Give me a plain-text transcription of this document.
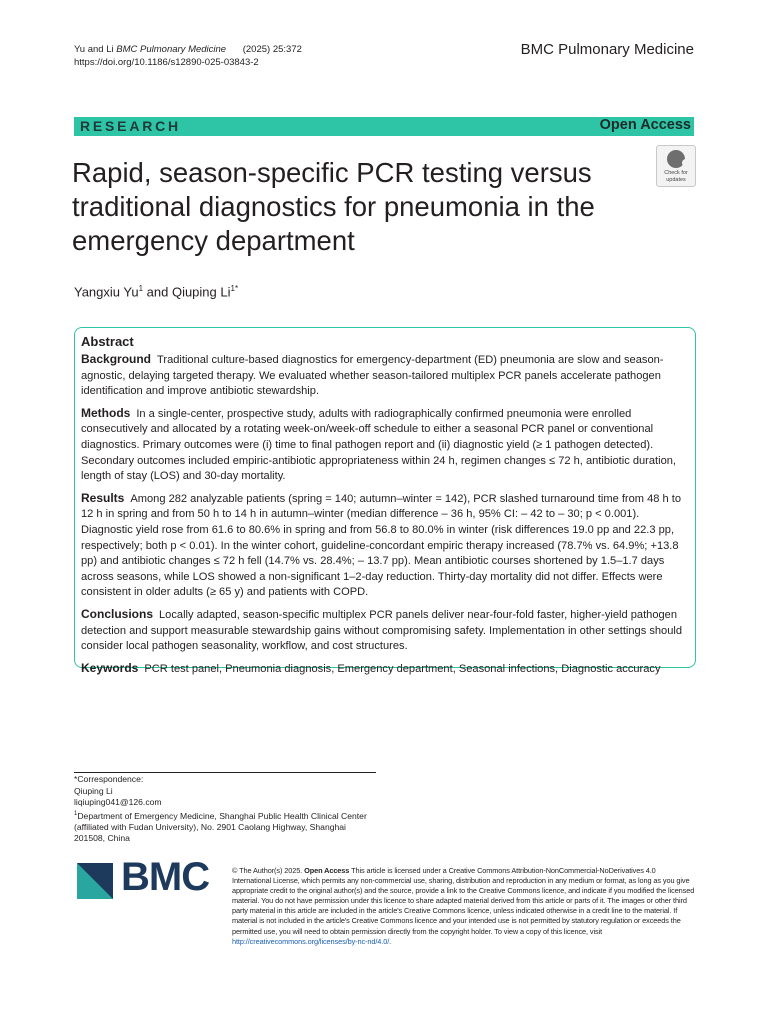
Yu and Li BMC Pulmonary Medicine (2025) 25:372
https://doi.org/10.1186/s12890-025-03843-2
BMC Pulmonary Medicine
RESEARCH	Open Access
Rapid, season-specific PCR testing versus traditional diagnostics for pneumonia in the emergency department
Check for updates
Yangxiu Yu$^1$ and Qiuping $Li^{1*}$
Abstract

Background Traditional culture-based diagnostics for emergency-department (ED) pneumonia are slow and season-agnostic, delaying targeted therapy. We evaluated whether season-tailored multiplex PCR panels accelerate pathogen identification and improve antibiotic stewardship.

Methods In a single-center, prospective study, adults with radiographically confirmed pneumonia were enrolled consecutively and allocated by a rotating week-on/week-off schedule to either a seasonal PCR panel or conventional diagnostics. Primary outcomes were (i) time to final pathogen report and (ii) diagnostic yield (≥ 1 pathogen detected). Secondary outcomes included empiric-antibiotic appropriateness within 24 h, regimen changes ≤ 72 h, antibiotic duration, length of stay (LOS) and 30-day mortality.

Results Among 282 analyzable patients (spring = 140; autumn–winter = 142), PCR slashed turnaround time from 48 h to 12 h in spring and from 50 h to 14 h in autumn–winter (median difference – 36 h, 95% CI: – 42 to – 30; p < 0.001). Diagnostic yield rose from 61.6 to 80.6% in spring and from 56.8 to 80.0% in winter (risk differences 19.0 pp and 22.3 pp, respectively; both p < 0.01). In the winter cohort, guideline-concordant empiric therapy increased (78.7% vs. 64.9%; +13.8 pp) and antibiotic changes ≤ 72 h fell (14.7% vs. 28.4%; – 13.7 pp). Mean antibiotic courses shortened by 1.5–1.7 days across seasons, while LOS showed a non-significant 1–2-day reduction. Thirty-day mortality did not differ. Effects were consistent in older adults (≥ 65 y) and patients with COPD.

Conclusions Locally adapted, season-specific multiplex PCR panels deliver near-four-fold faster, higher-yield pathogen detection and support measurable stewardship gains without compromising safety. Implementation in other settings should consider local pathogen seasonality, workflow, and cost structures.

Keywords PCR test panel, Pneumonia diagnosis, Emergency department, Seasonal infections, Diagnostic accuracy

*Correspondence:
Qiuping Li
liqiuping041@126.com
$^1$Department of Emergency Medicine, Shanghai Public Health Clinical Center (affiliated with Fudan University), No. 2901 Caolang Highway, Shanghai 201508, China
BMC	© The Author(s) 2025. Open Access This article is licensed under a Creative Commons Attribution-NonCommercial-NoDerivatives 4.0 International License, which permits any non-commercial use, sharing, distribution and reproduction in any medium or format, as long as you give appropriate credit to the original author(s) and the source, provide a link to the Creative Commons licence, and indicate if you modified the licensed material. You do not have permission under this licence to share adapted material derived from this article or parts of it. The images or other third party material in this article are included in the article's Creative Commons licence, unless indicated otherwise in a credit line to the material. If material is not included in the article's Creative Commons licence and your intended use is not permitted by statutory regulation or exceeds the permitted use, you will need to obtain permission directly from the copyright holder. To view a copy of this licence, visit http://creativecommons.org/licenses/by-nc-nd/4.0/.
